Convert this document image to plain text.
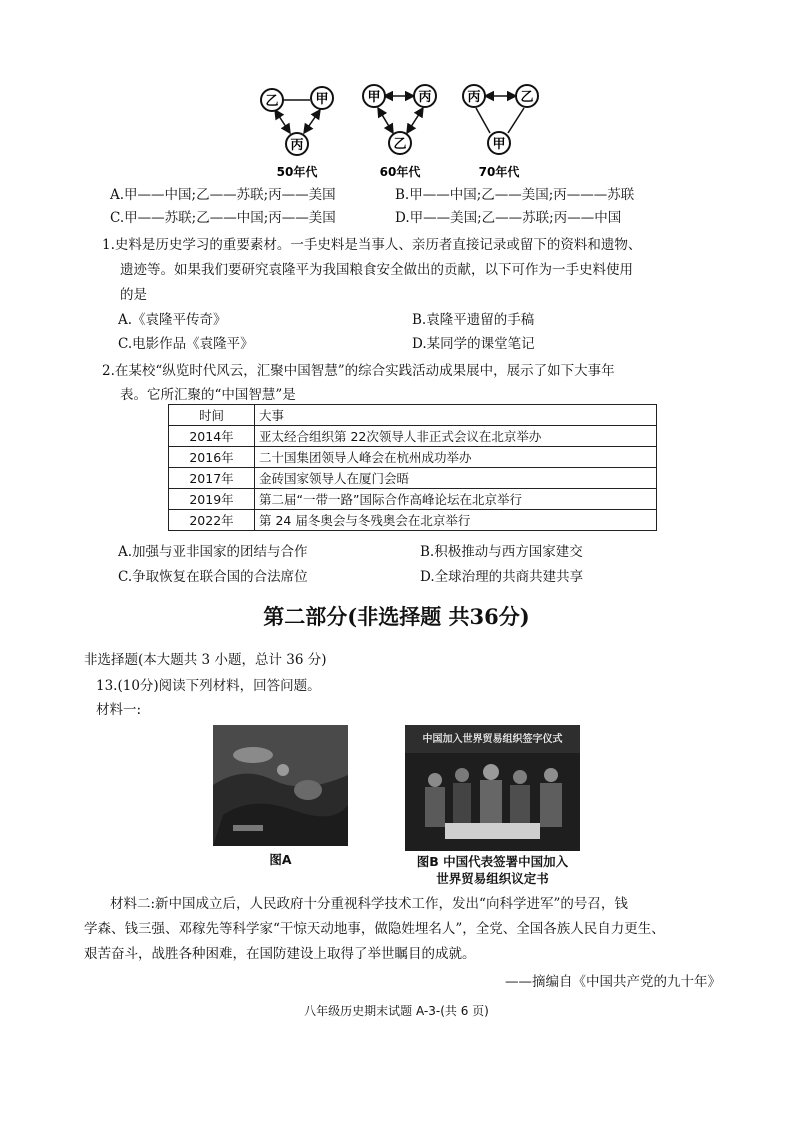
乙	甲
丙
50年代
甲	丙
乙
60年代
丙	乙
甲
70年代
A.甲——中国;乙——苏联;丙——美国	B.甲——中国;乙——美国;丙———苏联
C.甲——苏联;乙——中国;丙——美国	D.甲——美国;乙——苏联;丙——中国
1.史料是历史学习的重要素材。一手史料是当事人、亲历者直接记录或留下的资料和遗物、
遗迹等。如果我们要研究袁隆平为我国粮食安全做出的贡献，以下可作为一手史料使用
的是
A.《袁隆平传奇》	B.袁隆平遗留的手稿
C.电影作品《袁隆平》	D.某同学的课堂笔记
2.在某校“纵览时代风云，汇聚中国智慧”的综合实践活动成果展中，展示了如下大事年
表。它所汇聚的“中国智慧”是
时间	大事
2014年	亚太经合组织第 22次领导人非正式会议在北京举办
2016年	二十国集团领导人峰会在杭州成功举办
2017年	金砖国家领导人在厦门会晤
2019年	第二届“一带一路”国际合作高峰论坛在北京举行
2022年	第 24 届冬奥会与冬残奥会在北京举行
A.加强与亚非国家的团结与合作	B.积极推动与西方国家建交
C.争取恢复在联合国的合法席位	D.全球治理的共商共建共享
第二部分(非选择题 共36分)
非选择题(本大题共 3 小题，总计 36 分)
13.(10分)阅读下列材料，回答问题。
材料一:
图A
中国加入世界贸易组织签字仪式
图B 中国代表签署中国加入
世界贸易组织议定书
材料二:新中国成立后，人民政府十分重视科学技术工作，发出“向科学进军”的号召，钱
学森、钱三强、邓稼先等科学家“干惊天动地事，做隐姓埋名人”，全党、全国各族人民自力更生、
艰苦奋斗，战胜各种困难，在国防建设上取得了举世瞩目的成就。
——摘编自《中国共产党的九十年》
八年级历史期末试题 A-3-(共 6 页)
